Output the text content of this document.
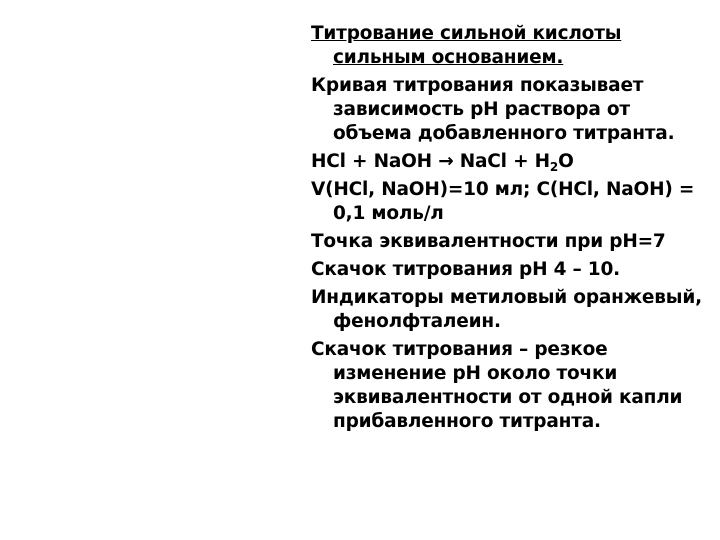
Титрование сильной кислоты сильным основанием.

Кривая титрования показывает зависимость pH раствора от объема добавленного титранта.

HCl + NaOH → NaCl + $H_2O$

V(HCl, NaOH)=10 мл; C(HCl, NaOH) = 0,1 моль/л

Точка эквивалентности при pH=7

Скачок титрования pH 4 – 10.

Индикаторы метиловый оранжевый, фенолфталеин.

Скачок титрования – резкое изменение pH около точки эквивалентности от одной капли прибавленного титранта.
